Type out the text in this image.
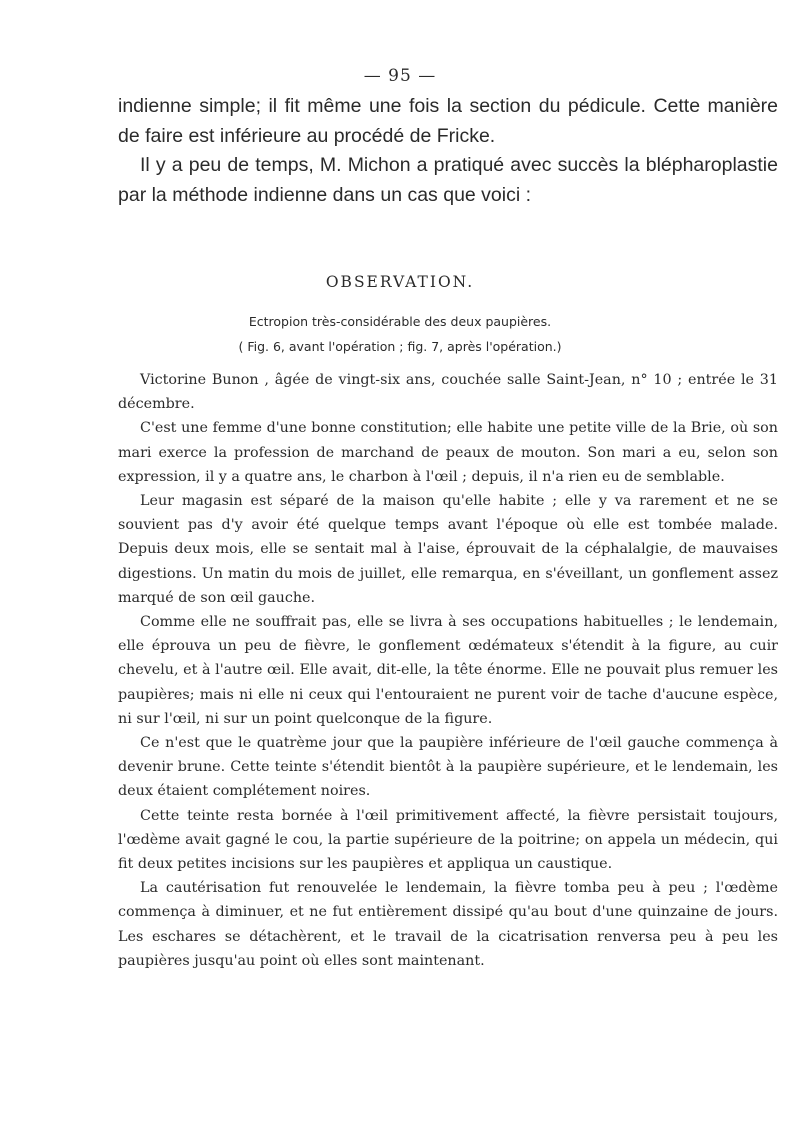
— 95 —

indienne simple; il fit même une fois la section du pédicule. Cette manière de faire est inférieure au procédé de Fricke.

Il y a peu de temps, M. Michon a pratiqué avec succès la blépharoplastie par la méthode indienne dans un cas que voici :

OBSERVATION.

Ectropion très-considérable des deux paupières.

( Fig. 6, avant l'opération ; fig. 7, après l'opération.)

Victorine Bunon , âgée de vingt-six ans, couchée salle Saint-Jean, n° 10 ; entrée le 31 décembre.

C'est une femme d'une bonne constitution; elle habite une petite ville de la Brie, où son mari exerce la profession de marchand de peaux de mouton. Son mari a eu, selon son expression, il y a quatre ans, le charbon à l'œil ; depuis, il n'a rien eu de semblable.

Leur magasin est séparé de la maison qu'elle habite ; elle y va rarement et ne se souvient pas d'y avoir été quelque temps avant l'époque où elle est tombée malade. Depuis deux mois, elle se sentait mal à l'aise, éprouvait de la céphalalgie, de mauvaises digestions. Un matin du mois de juillet, elle remarqua, en s'éveillant, un gonflement assez marqué de son œil gauche.

Comme elle ne souffrait pas, elle se livra à ses occupations habituelles ; le lendemain, elle éprouva un peu de fièvre, le gonflement œdémateux s'étendit à la figure, au cuir chevelu, et à l'autre œil. Elle avait, dit-elle, la tête énorme. Elle ne pouvait plus remuer les paupières; mais ni elle ni ceux qui l'entouraient ne purent voir de tache d'aucune espèce, ni sur l'œil, ni sur un point quelconque de la figure.

Ce n'est que le quatrème jour que la paupière inférieure de l'œil gauche commença à devenir brune. Cette teinte s'étendit bientôt à la paupière supérieure, et le lendemain, les deux étaient complétement noires.

Cette teinte resta bornée à l'œil primitivement affecté, la fièvre persistait toujours, l'œdème avait gagné le cou, la partie supérieure de la poitrine; on appela un médecin, qui fit deux petites incisions sur les paupières et appliqua un caustique.

La cautérisation fut renouvelée le lendemain, la fièvre tomba peu à peu ; l'œdème commença à diminuer, et ne fut entièrement dissipé qu'au bout d'une quinzaine de jours. Les eschares se détachèrent, et le travail de la cicatrisation renversa peu à peu les paupières jusqu'au point où elles sont maintenant.
